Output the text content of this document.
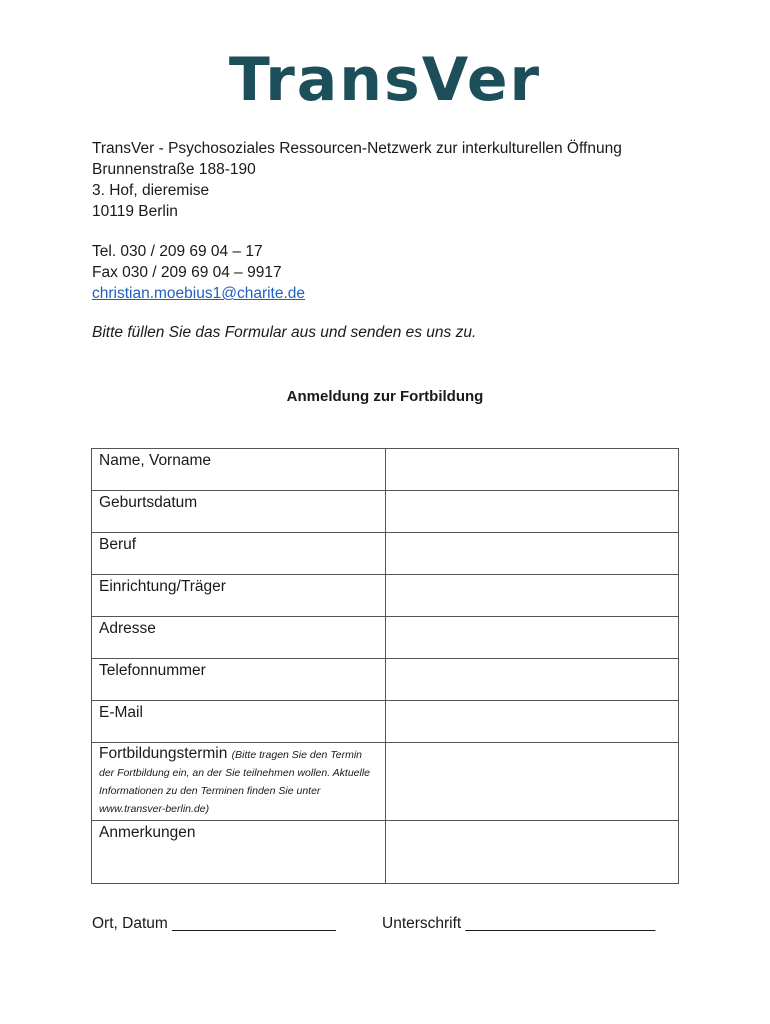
TransVer
TransVer - Psychosoziales Ressourcen-Netzwerk zur interkulturellen Öffnung
Brunnenstraße 188-190
3. Hof, dieremise
10119 Berlin
Tel. 030 / 209 69 04 – 17
Fax 030 / 209 69 04 – 9917
christian.moebius1@charite.de
Bitte füllen Sie das Formular aus und senden es uns zu.
Anmeldung zur Fortbildung
Name, Vorname	
Geburtsdatum	
Beruf	
Einrichtung/Träger	
Adresse	
Telefonnummer	
E-Mail	
Fortbildungstermin (Bitte tragen Sie den Termin der Fortbildung ein, an der Sie teilnehmen wollen. Aktuelle Informationen zu den Terminen finden Sie unter www.transver-berlin.de)	
Anmerkungen	
Ort, Datum ___________________	Unterschrift ______________________
